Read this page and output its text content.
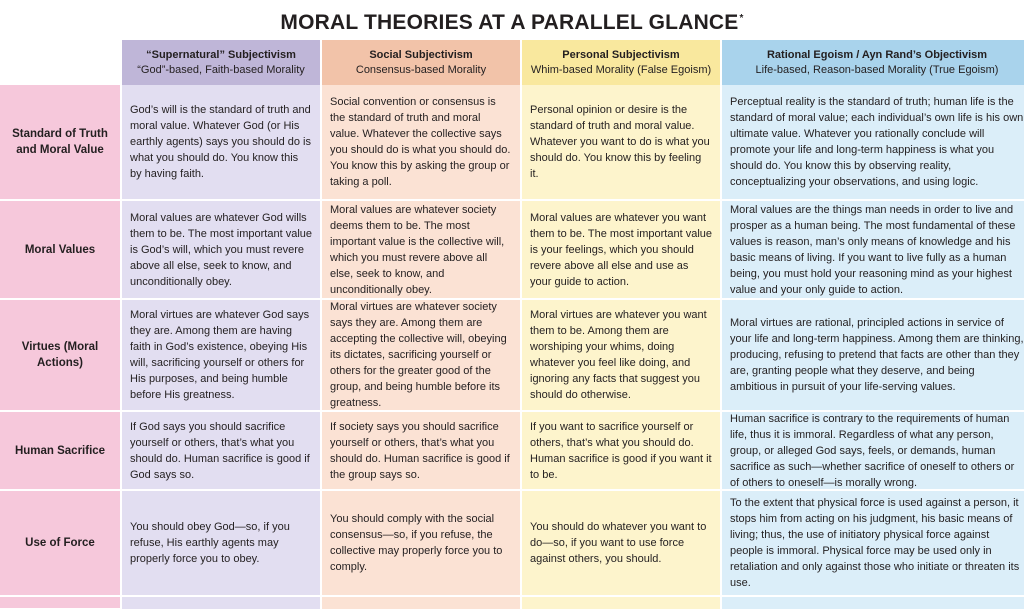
MORAL THEORIES AT A PARALLEL GLANCE*
“Supernatural” Subjectivism
“God”-based, Faith-based Morality
Social Subjectivism
Consensus-based Morality
Personal Subjectivism
Whim-based Morality (False Egoism)
Rational Egoism / Ayn Rand’s Objectivism
Life-based, Reason-based Morality (True Egoism)
Standard of Truth and Moral Value
God’s will is the standard of truth and moral value. Whatever God (or His earthly agents) says you should do is what you should do. You know this by having faith.
Social convention or consensus is the standard of truth and moral value. Whatever the collective says you should do is what you should do. You know this by asking the group or taking a poll.
Personal opinion or desire is the standard of truth and moral value. Whatever you want to do is what you should do. You know this by feeling it.
Perceptual reality is the standard of truth; human life is the standard of moral value; each individual’s own life is his own ultimate value. Whatever you rationally conclude will promote your life and long-term happiness is what you should do. You know this by observing reality, conceptualizing your observations, and using logic.
Moral Values
Moral values are whatever God wills them to be. The most important value is God’s will, which you must revere above all else, seek to know, and unconditionally obey.
Moral values are whatever society deems them to be. The most important value is the collective will, which you must revere above all else, seek to know, and unconditionally obey.
Moral values are whatever you want them to be. The most important value is your feelings, which you should revere above all else and use as your guide to action.
Moral values are the things man needs in order to live and prosper as a human being. The most fundamental of these values is reason, man’s only means of knowledge and his basic means of living. If you want to live fully as a human being, you must hold your reasoning mind as your highest value and your only guide to action.
Virtues (Moral Actions)
Moral virtues are whatever God says they are. Among them are having faith in God’s existence, obeying His will, sacrificing yourself or others for His purposes, and being humble before His greatness.
Moral virtues are whatever society says they are. Among them are accepting the collective will, obeying its dictates, sacrificing yourself or others for the greater good of the group, and being humble before its greatness.
Moral virtues are whatever you want them to be. Among them are worshiping your whims, doing whatever you feel like doing, and ignoring any facts that suggest you should do otherwise.
Moral virtues are rational, principled actions in service of your life and long-term happiness. Among them are thinking, producing, refusing to pretend that facts are other than they are, granting people what they deserve, and being ambitious in pursuit of your life-serving values.
Human Sacrifice
If God says you should sacrifice yourself or others, that’s what you should do. Human sacrifice is good if God says so.
If society says you should sacrifice yourself or others, that’s what you should do. Human sacrifice is good if the group says so.
If you want to sacrifice yourself or others, that’s what you should do. Human sacrifice is good if you want it to be.
Human sacrifice is contrary to the requirements of human life, thus it is immoral. Regardless of what any person, group, or alleged God says, feels, or demands, human sacrifice as such—whether sacrifice of oneself to others or of others to oneself—is morally wrong.
Use of Force
You should obey God—so, if you refuse, His earthly agents may properly force you to obey.
You should comply with the social consensus—so, if you refuse, the collective may properly force you to comply.
You should do whatever you want to do—so, if you want to use force against others, you should.
To the extent that physical force is used against a person, it stops him from acting on his judgment, his basic means of living; thus, the use of initiatory physical force against people is immoral. Physical force may be used only in retaliation and only against those who initiate or threaten its use.
